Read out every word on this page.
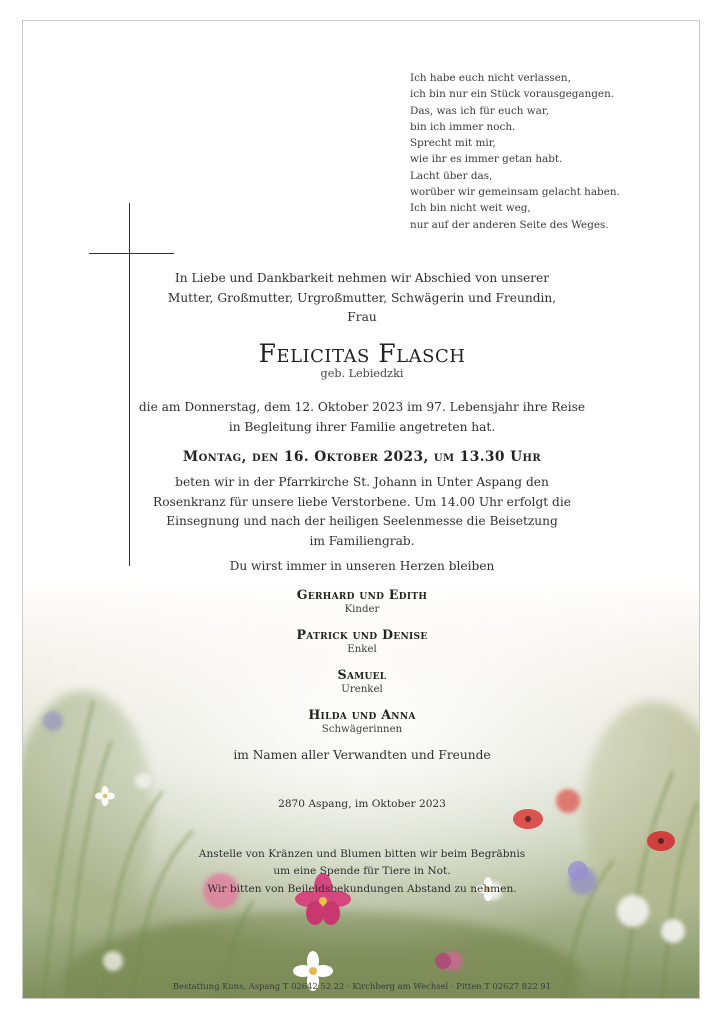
Ich habe euch nicht verlassen,
ich bin nur ein Stück vorausgegangen.
Das, was ich für euch war,
bin ich immer noch.
Sprecht mit mir,
wie ihr es immer getan habt.
Lacht über das,
worüber wir gemeinsam gelacht haben.
Ich bin nicht weit weg,
nur auf der anderen Seite des Weges.
In Liebe und Dankbarkeit nehmen wir Abschied von unserer
Mutter, Großmutter, Urgroßmutter, Schwägerin und Freundin,
Frau
Felicitas Flasch
geb. Lebiedzki
die am Donnerstag, dem 12. Oktober 2023 im 97. Lebensjahr ihre Reise
in Begleitung ihrer Familie angetreten hat.
Montag, den 16. Oktober 2023, um 13.30 Uhr
beten wir in der Pfarrkirche St. Johann in Unter Aspang den
Rosenkranz für unsere liebe Verstorbene. Um 14.00 Uhr erfolgt die
Einsegnung und nach der heiligen Seelenmesse die Beisetzung
im Familiengrab.
Du wirst immer in unseren Herzen bleiben
Gerhard und Edith
Kinder
Patrick und Denise
Enkel
Samuel
Urenkel
Hilda und Anna
Schwägerinnen
im Namen aller Verwandten und Freunde
2870 Aspang, im Oktober 2023
Anstelle von Kränzen und Blumen bitten wir beim Begräbnis
um eine Spende für Tiere in Not.
Wir bitten von Beileidsbekundungen Abstand zu nehmen.
Bestattung Kuns, Aspang T 02642 52 22 · Kirchberg am Wechsel · Pitten T 02627 822 91
